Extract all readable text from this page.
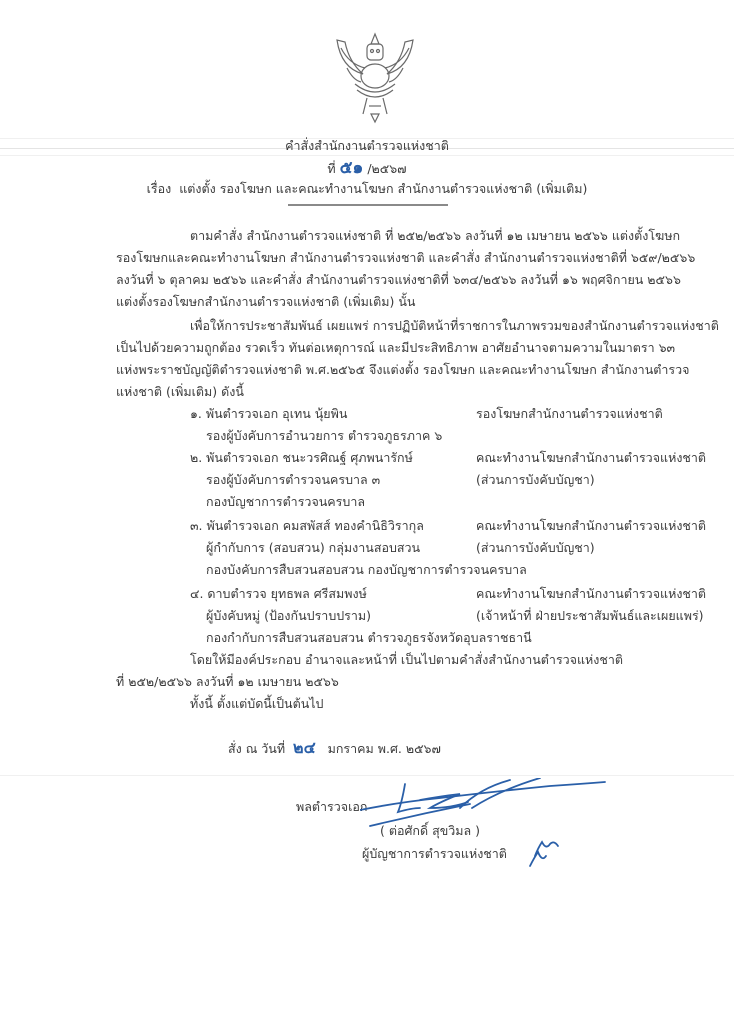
คำสั่งสำนักงานตำรวจแห่งชาติ
ที่ ๕๑ /๒๕๖๗
เรื่อง แต่งตั้ง รองโฆษก และคณะทำงานโฆษก สำนักงานตำรวจแห่งชาติ (เพิ่มเติม)
ตามคำสั่ง สำนักงานตำรวจแห่งชาติ ที่ ๒๕๒/๒๕๖๖ ลงวันที่ ๑๒ เมษายน ๒๕๖๖ แต่งตั้งโฆษก
รองโฆษกและคณะทำงานโฆษก สำนักงานตำรวจแห่งชาติ และคำสั่ง สำนักงานตำรวจแห่งชาติที่ ๖๕๙/๒๕๖๖
ลงวันที่ ๖ ตุลาคม ๒๕๖๖ และคำสั่ง สำนักงานตำรวจแห่งชาติที่ ๖๓๔/๒๕๖๖ ลงวันที่ ๑๖ พฤศจิกายน ๒๕๖๖
แต่งตั้งรองโฆษกสำนักงานตำรวจแห่งชาติ (เพิ่มเติม) นั้น
เพื่อให้การประชาสัมพันธ์ เผยแพร่ การปฏิบัติหน้าที่ราชการในภาพรวมของสำนักงานตำรวจแห่งชาติ
เป็นไปด้วยความถูกต้อง รวดเร็ว ทันต่อเหตุการณ์ และมีประสิทธิภาพ อาศัยอำนาจตามความในมาตรา ๖๓
แห่งพระราชบัญญัติตำรวจแห่งชาติ พ.ศ.๒๕๖๕ จึงแต่งตั้ง รองโฆษก และคณะทำงานโฆษก สำนักงานตำรวจ
แห่งชาติ (เพิ่มเติม) ดังนี้
๑. พันตำรวจเอก อุเทน นุ้ยพิน	รองโฆษกสำนักงานตำรวจแห่งชาติ
รองผู้บังคับการอำนวยการ ตำรวจภูธรภาค ๖
๒. พันตำรวจเอก ชนะวรศิณฐ์ ศุภพนารักษ์	คณะทำงานโฆษกสำนักงานตำรวจแห่งชาติ
รองผู้บังคับการตำรวจนครบาล ๓	(ส่วนการบังคับบัญชา)
กองบัญชาการตำรวจนครบาล
๓. พันตำรวจเอก คมสพัสส์ ทองคำนิธิวิรากุล	คณะทำงานโฆษกสำนักงานตำรวจแห่งชาติ
ผู้กำกับการ (สอบสวน) กลุ่มงานสอบสวน	(ส่วนการบังคับบัญชา)
กองบังคับการสืบสวนสอบสวน กองบัญชาการตำรวจนครบาล
๔. ดาบตำรวจ ยุทธพล ศรีสมพงษ์	คณะทำงานโฆษกสำนักงานตำรวจแห่งชาติ
ผู้บังคับหมู่ (ป้องกันปราบปราม)	(เจ้าหน้าที่ ฝ่ายประชาสัมพันธ์และเผยแพร่)
กองกำกับการสืบสวนสอบสวน ตำรวจภูธรจังหวัดอุบลราชธานี
โดยให้มีองค์ประกอบ อำนาจและหน้าที่ เป็นไปตามคำสั่งสำนักงานตำรวจแห่งชาติ
ที่ ๒๕๒/๒๕๖๖ ลงวันที่ ๑๒ เมษายน ๒๕๖๖
ทั้งนี้ ตั้งแต่บัดนี้เป็นต้นไป
สั่ง ณ วันที่ ๒๔ มกราคม พ.ศ. ๒๕๖๗
พลตำรวจเอก
( ต่อศักดิ์ สุขวิมล )
ผู้บัญชาการตำรวจแห่งชาติ
